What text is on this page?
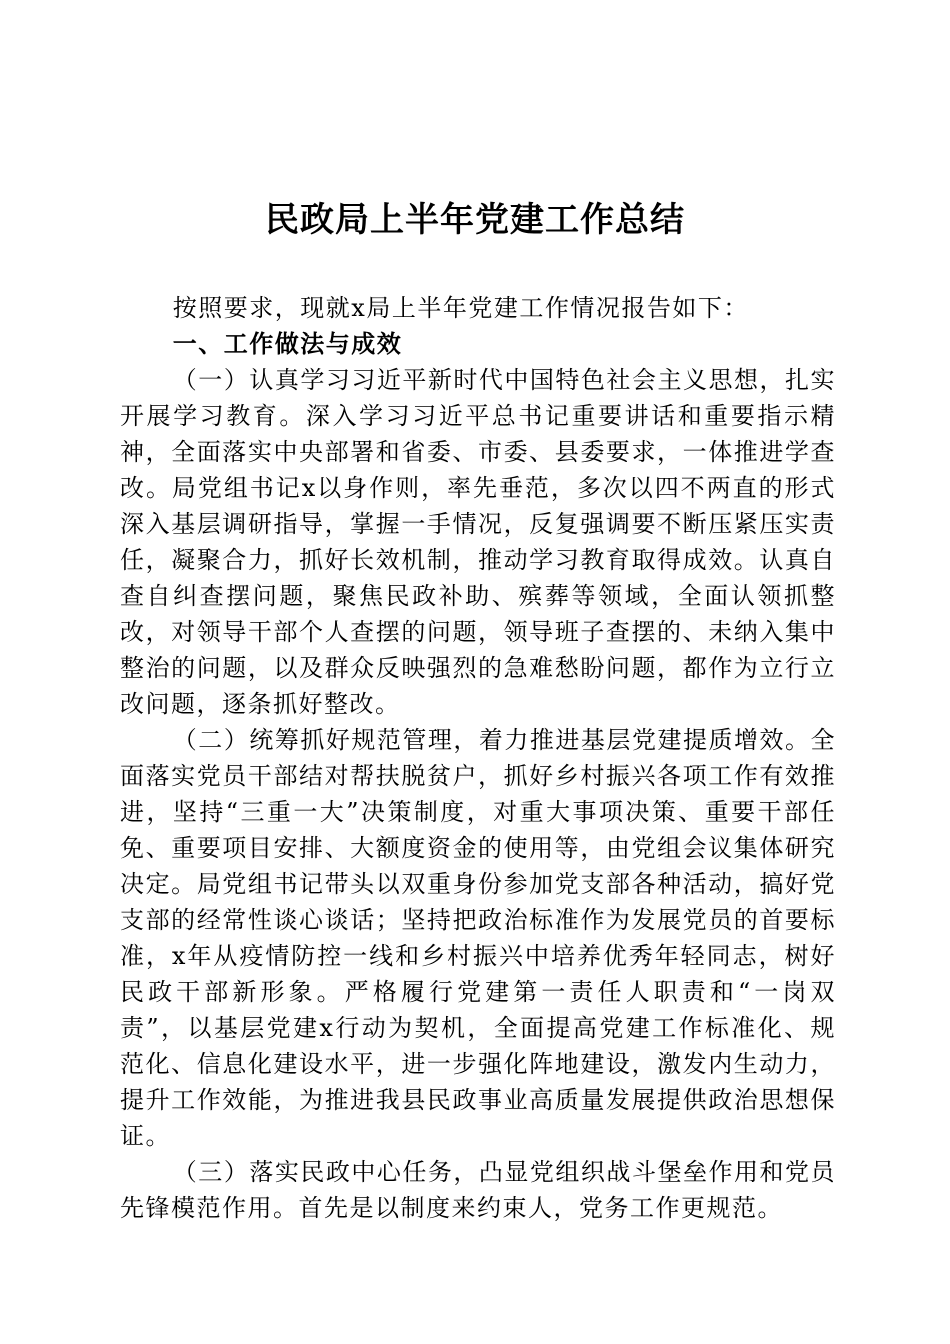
民政局上半年党建工作总结

按照要求，现就x局上半年党建工作情况报告如下：

一、工作做法与成效

（一）认真学习习近平新时代中国特色社会主义思想，扎实开展学习教育。深入学习习近平总书记重要讲话和重要指示精神，全面落实中央部署和省委、市委、县委要求，一体推进学查改。局党组书记x以身作则，率先垂范，多次以四不两直的形式深入基层调研指导，掌握一手情况，反复强调要不断压紧压实责任，凝聚合力，抓好长效机制，推动学习教育取得成效。认真自查自纠查摆问题，聚焦民政补助、殡葬等领域，全面认领抓整改，对领导干部个人查摆的问题，领导班子查摆的、未纳入集中整治的问题，以及群众反映强烈的急难愁盼问题，都作为立行立改问题，逐条抓好整改。

（二）统筹抓好规范管理，着力推进基层党建提质增效。全面落实党员干部结对帮扶脱贫户，抓好乡村振兴各项工作有效推进，坚持“三重一大”决策制度，对重大事项决策、重要干部任免、重要项目安排、大额度资金的使用等，由党组会议集体研究决定。局党组书记带头以双重身份参加党支部各种活动，搞好党支部的经常性谈心谈话；坚持把政治标准作为发展党员的首要标准，x年从疫情防控一线和乡村振兴中培养优秀年轻同志，树好民政干部新形象。严格履行党建第一责任人职责和“一岗双责”，以基层党建x行动为契机，全面提高党建工作标准化、规范化、信息化建设水平，进一步强化阵地建设，激发内生动力，提升工作效能，为推进我县民政事业高质量发展提供政治思想保证。

（三）落实民政中心任务，凸显党组织战斗堡垒作用和党员先锋模范作用。首先是以制度来约束人，党务工作更规范。
